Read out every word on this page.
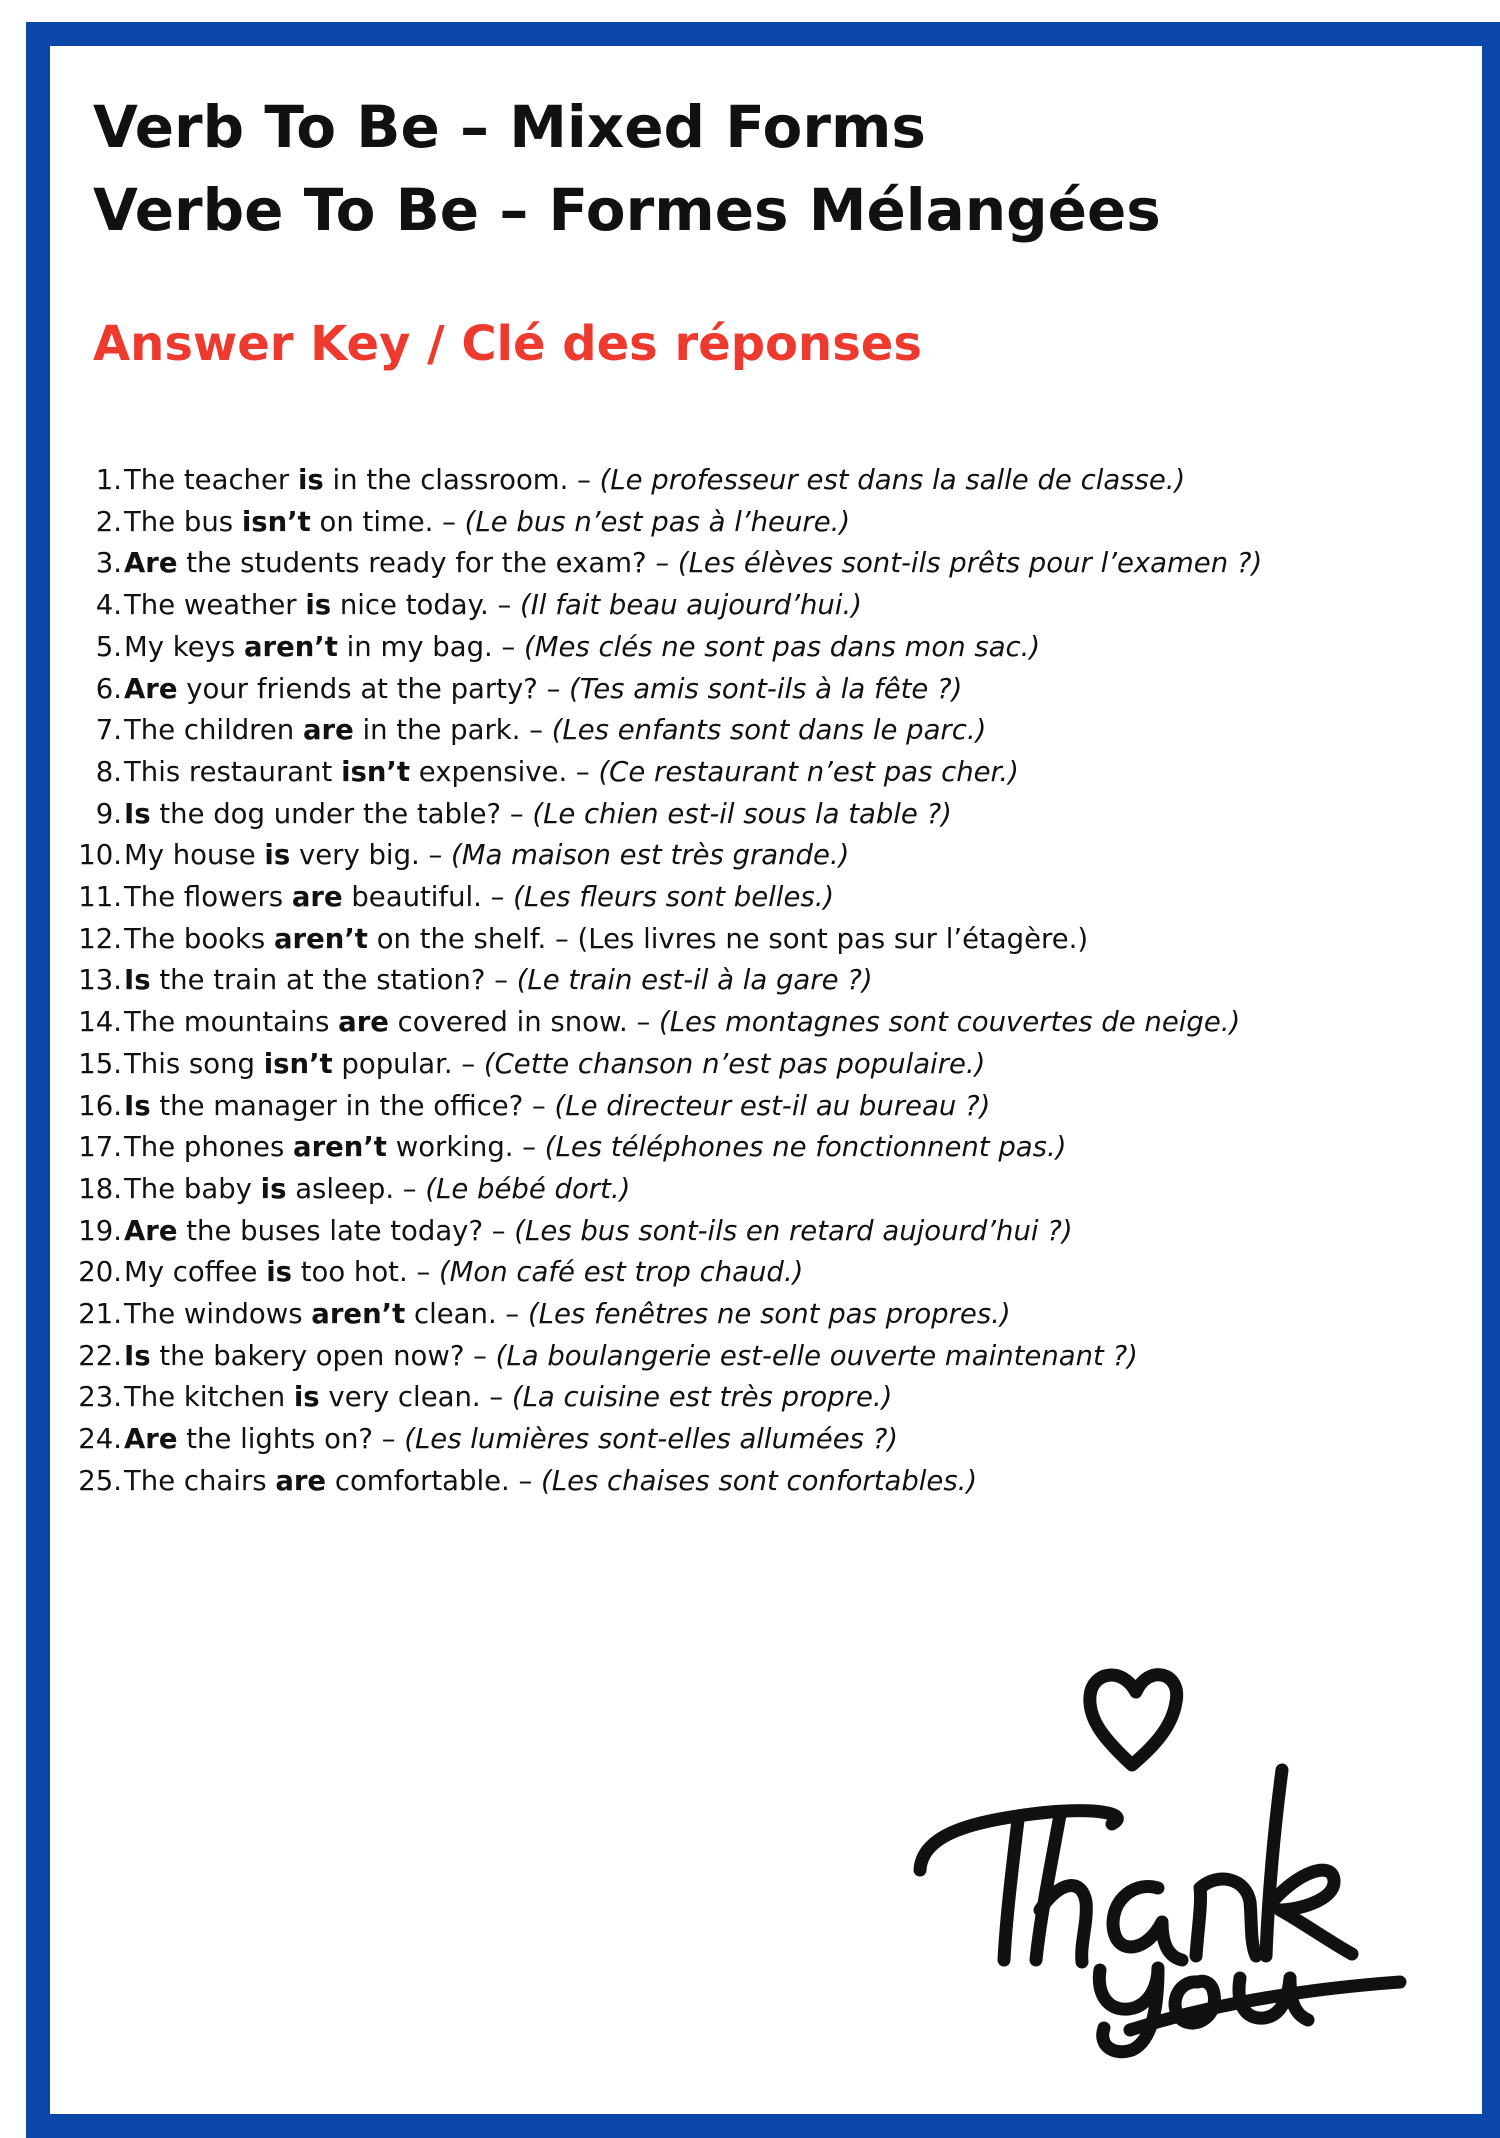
Verb To Be – Mixed Forms
Verbe To Be – Formes Mélangées
Answer Key / Clé des réponses
1. The teacher is in the classroom. – (Le professeur est dans la salle de classe.)
2. The bus isn’t on time. – (Le bus n’est pas à l’heure.)
3. Are the students ready for the exam? – (Les élèves sont-ils prêts pour l’examen ?)
4. The weather is nice today. – (Il fait beau aujourd’hui.)
5. My keys aren’t in my bag. – (Mes clés ne sont pas dans mon sac.)
6. Are your friends at the party? – (Tes amis sont-ils à la fête ?)
7. The children are in the park. – (Les enfants sont dans le parc.)
8. This restaurant isn’t expensive. – (Ce restaurant n’est pas cher.)
9. Is the dog under the table? – (Le chien est-il sous la table ?)
10. My house is very big. – (Ma maison est très grande.)
11. The flowers are beautiful. – (Les fleurs sont belles.)
12. The books aren’t on the shelf. – (Les livres ne sont pas sur l’étagère.)
13. Is the train at the station? – (Le train est-il à la gare ?)
14. The mountains are covered in snow. – (Les montagnes sont couvertes de neige.)
15. This song isn’t popular. – (Cette chanson n’est pas populaire.)
16. Is the manager in the office? – (Le directeur est-il au bureau ?)
17. The phones aren’t working. – (Les téléphones ne fonctionnent pas.)
18. The baby is asleep. – (Le bébé dort.)
19. Are the buses late today? – (Les bus sont-ils en retard aujourd’hui ?)
20. My coffee is too hot. – (Mon café est trop chaud.)
21. The windows aren’t clean. – (Les fenêtres ne sont pas propres.)
22. Is the bakery open now? – (La boulangerie est-elle ouverte maintenant ?)
23. The kitchen is very clean. – (La cuisine est très propre.)
24. Are the lights on? – (Les lumières sont-elles allumées ?)
25. The chairs are comfortable. – (Les chaises sont confortables.)
